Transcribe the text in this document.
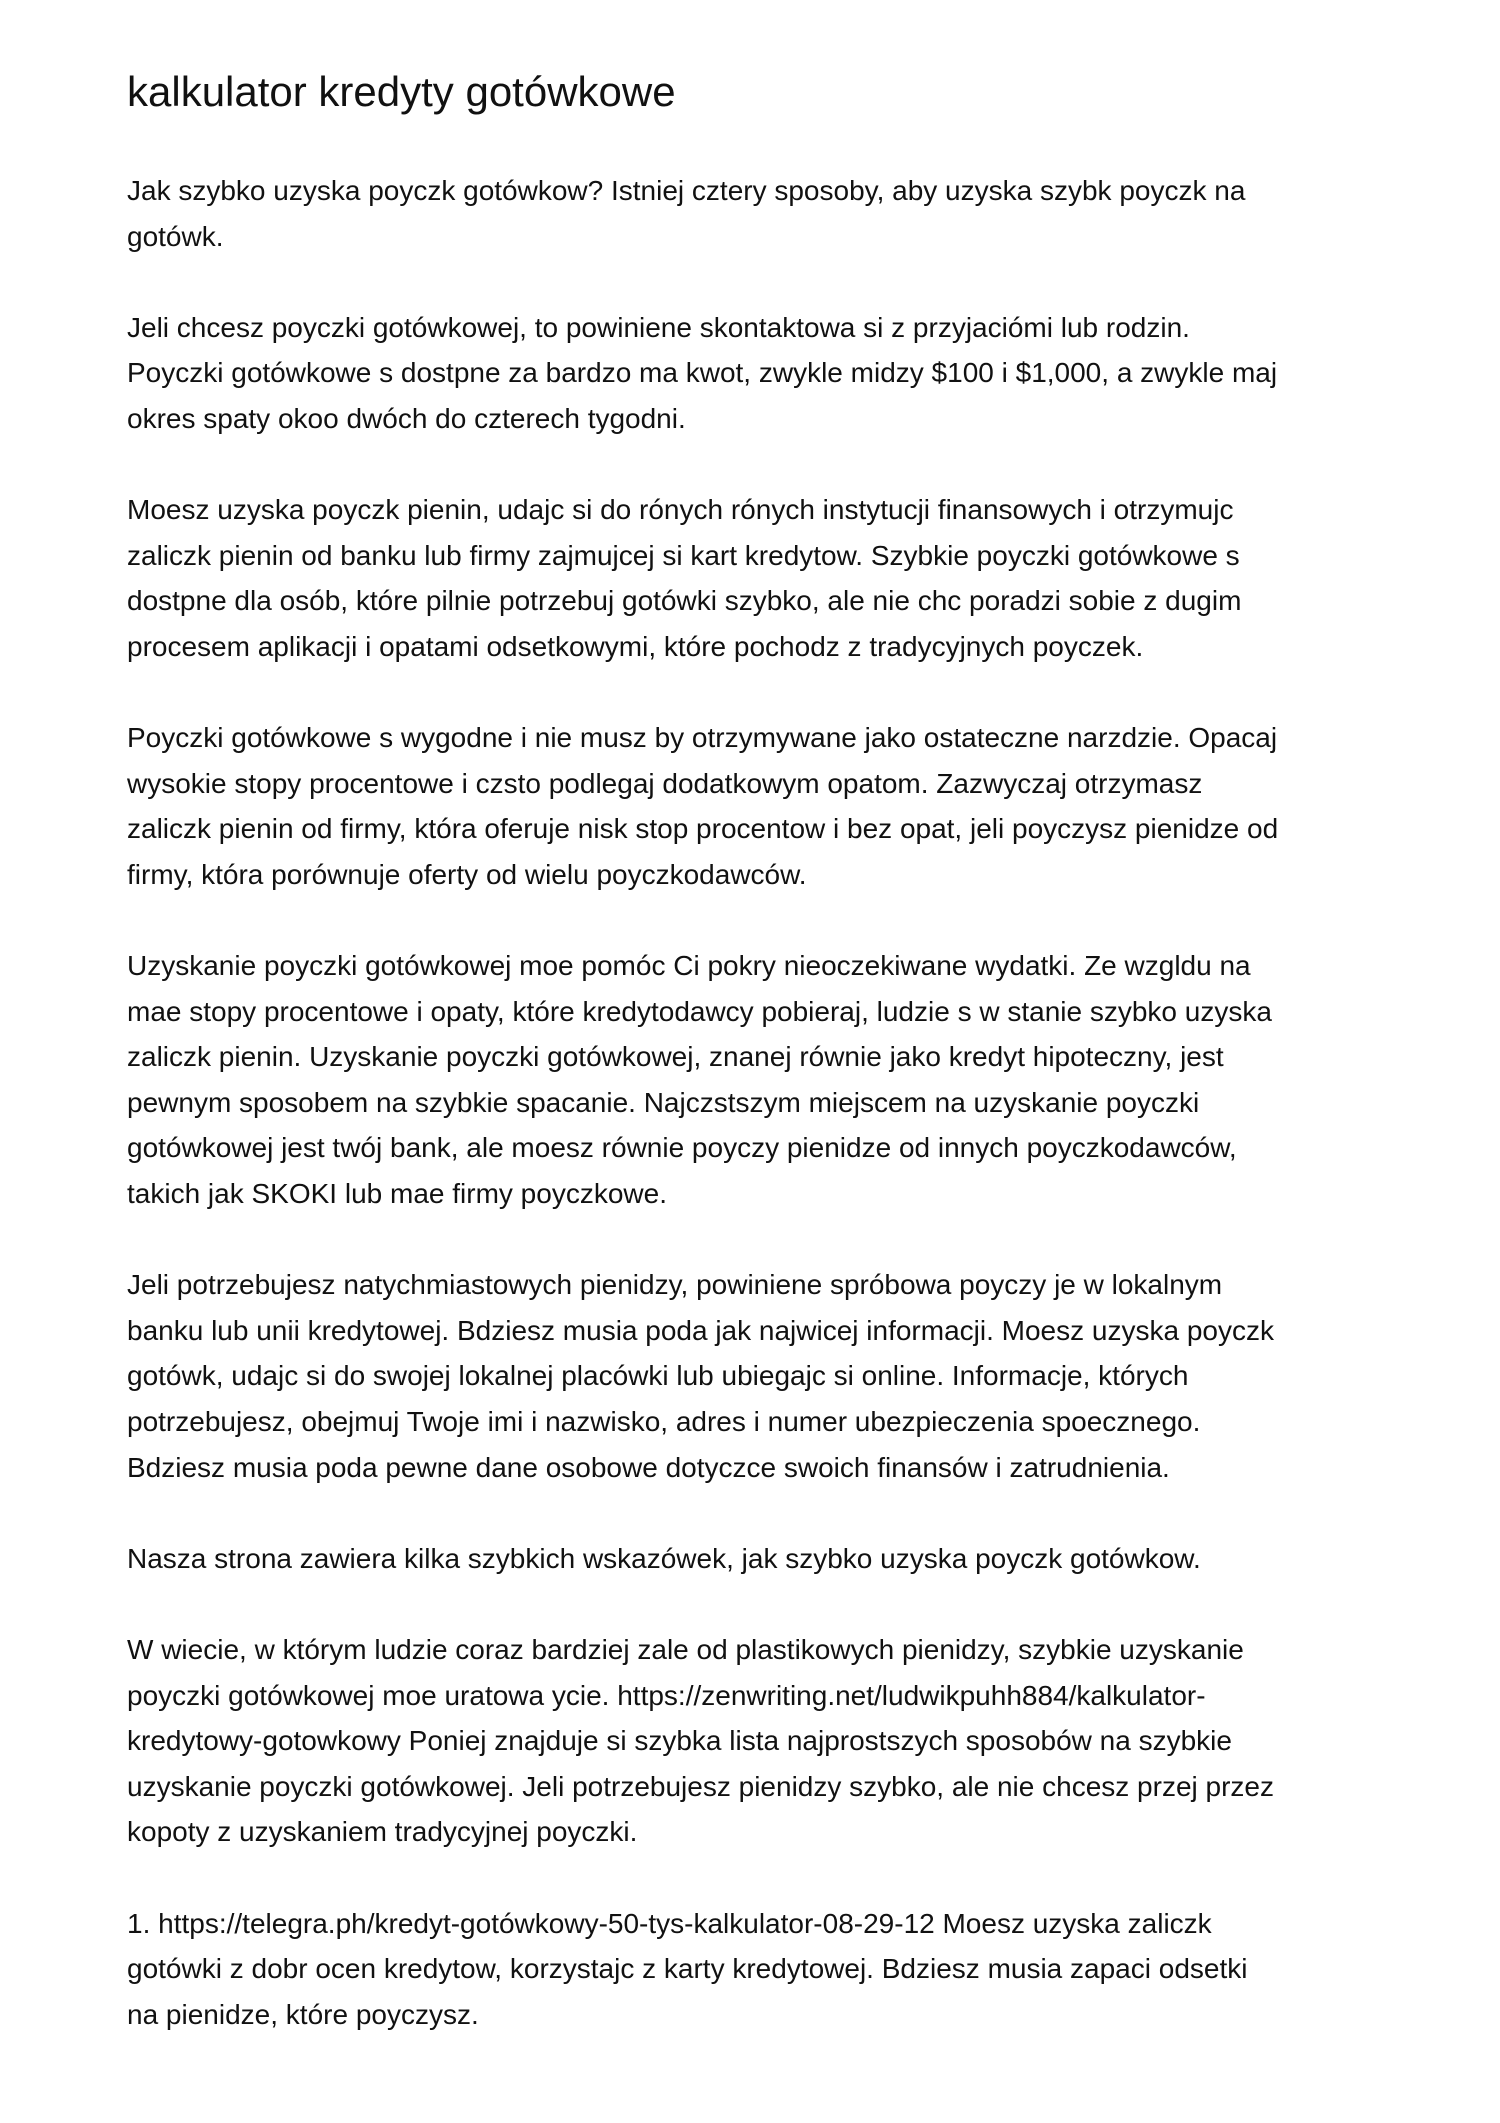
kalkulator kredyty gotówkowe
Jak szybko uzyska poyczk gotówkow? Istniej cztery sposoby, aby uzyska szybk poyczk na
gotówk.
Jeli chcesz poyczki gotówkowej, to powiniene skontaktowa si z przyjaciómi lub rodzin.
Poyczki gotówkowe s dostpne za bardzo ma kwot, zwykle midzy $100 i $1,000, a zwykle maj
okres spaty okoo dwóch do czterech tygodni.
Moesz uzyska poyczk pienin, udajc si do rónych rónych instytucji finansowych i otrzymujc
zaliczk pienin od banku lub firmy zajmujcej si kart kredytow. Szybkie poyczki gotówkowe s
dostpne dla osób, które pilnie potrzebuj gotówki szybko, ale nie chc poradzi sobie z dugim
procesem aplikacji i opatami odsetkowymi, które pochodz z tradycyjnych poyczek.
Poyczki gotówkowe s wygodne i nie musz by otrzymywane jako ostateczne narzdzie. Opacaj
wysokie stopy procentowe i czsto podlegaj dodatkowym opatom. Zazwyczaj otrzymasz
zaliczk pienin od firmy, która oferuje nisk stop procentow i bez opat, jeli poyczysz pienidze od
firmy, która porównuje oferty od wielu poyczkodawców.
Uzyskanie poyczki gotówkowej moe pomóc Ci pokry nieoczekiwane wydatki. Ze wzgldu na
mae stopy procentowe i opaty, które kredytodawcy pobieraj, ludzie s w stanie szybko uzyska
zaliczk pienin. Uzyskanie poyczki gotówkowej, znanej równie jako kredyt hipoteczny, jest
pewnym sposobem na szybkie spacanie. Najczstszym miejscem na uzyskanie poyczki
gotówkowej jest twój bank, ale moesz równie poyczy pienidze od innych poyczkodawców,
takich jak SKOKI lub mae firmy poyczkowe.
Jeli potrzebujesz natychmiastowych pienidzy, powiniene spróbowa poyczy je w lokalnym
banku lub unii kredytowej. Bdziesz musia poda jak najwicej informacji. Moesz uzyska poyczk
gotówk, udajc si do swojej lokalnej placówki lub ubiegajc si online. Informacje, których
potrzebujesz, obejmuj Twoje imi i nazwisko, adres i numer ubezpieczenia spoecznego.
Bdziesz musia poda pewne dane osobowe dotyczce swoich finansów i zatrudnienia.
Nasza strona zawiera kilka szybkich wskazówek, jak szybko uzyska poyczk gotówkow.
W wiecie, w którym ludzie coraz bardziej zale od plastikowych pienidzy, szybkie uzyskanie
poyczki gotówkowej moe uratowa ycie. https://zenwriting.net/ludwikpuhh884/kalkulator-
kredytowy-gotowkowy Poniej znajduje si szybka lista najprostszych sposobów na szybkie
uzyskanie poyczki gotówkowej. Jeli potrzebujesz pienidzy szybko, ale nie chcesz przej przez
kopoty z uzyskaniem tradycyjnej poyczki.
1. https://telegra.ph/kredyt-gotówkowy-50-tys-kalkulator-08-29-12 Moesz uzyska zaliczk
gotówki z dobr ocen kredytow, korzystajc z karty kredytowej. Bdziesz musia zapaci odsetki
na pienidze, które poyczysz.
